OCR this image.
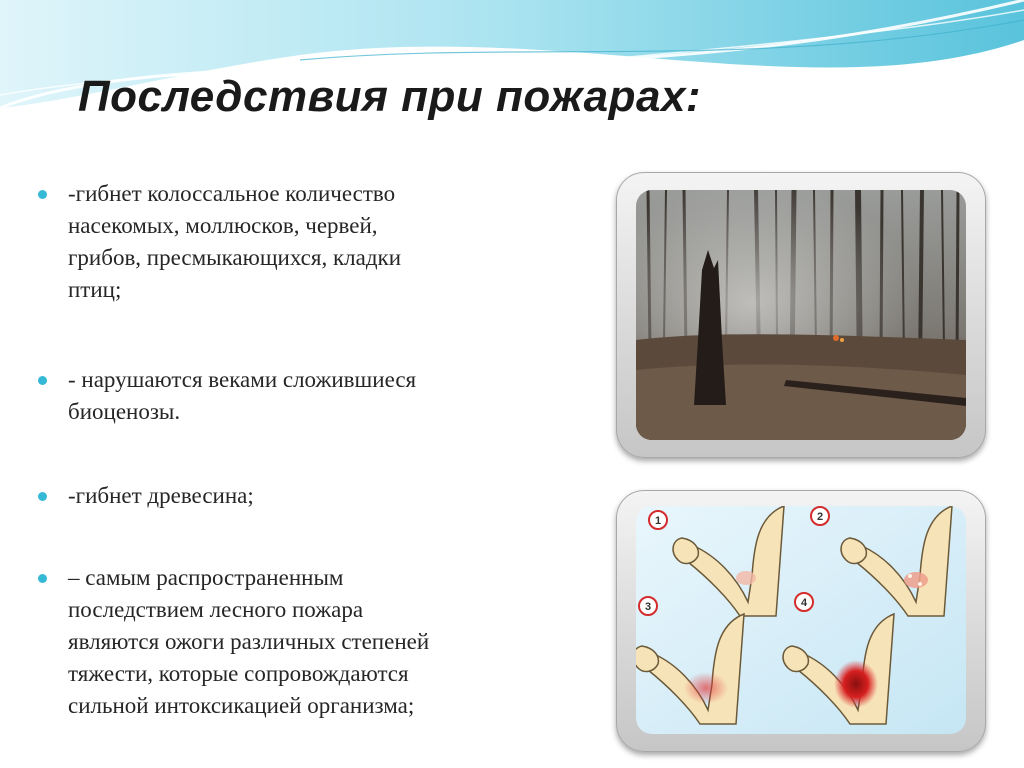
Последствия при пожарах:
-гибнет колоссальное количество
насекомых, моллюсков, червей,
грибов, пресмыкающихся, кладки
птиц;
- нарушаются веками сложившиеся
биоценозы.
-гибнет древесина;
– самым распространенным
последствием лесного пожара
являются ожоги различных степеней
тяжести, которые сопровождаются
сильной интоксикацией организма;
1	2
3	4
